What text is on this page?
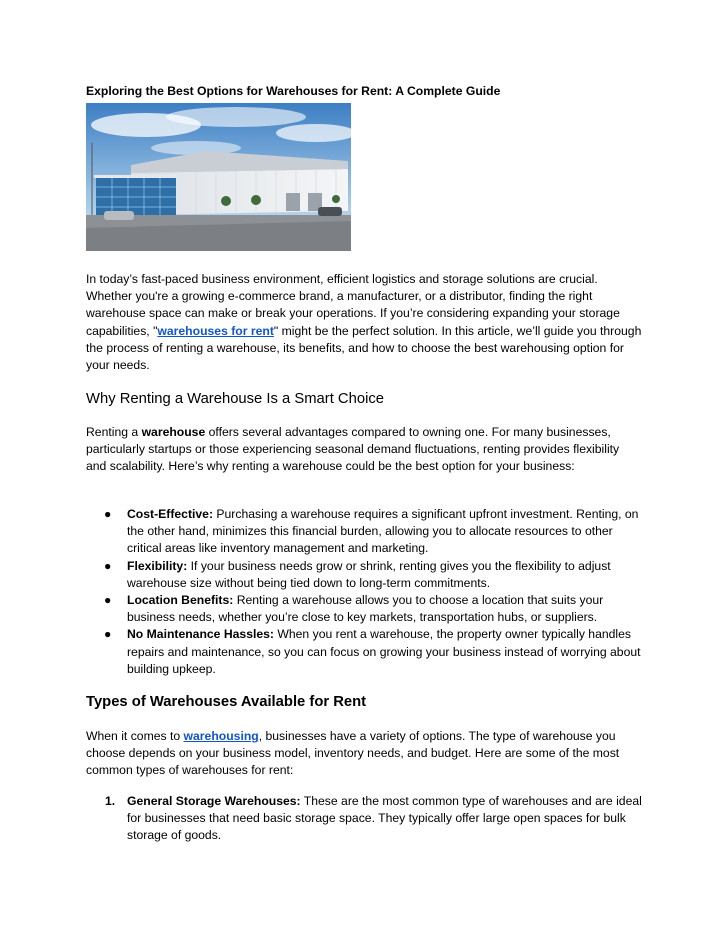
Exploring the Best Options for Warehouses for Rent: A Complete Guide

In today’s fast-paced business environment, efficient logistics and storage solutions are crucial. Whether you're a growing e-commerce brand, a manufacturer, or a distributor, finding the right warehouse space can make or break your operations. If you’re considering expanding your storage capabilities, "warehouses for rent" might be the perfect solution. In this article, we’ll guide you through the process of renting a warehouse, its benefits, and how to choose the best warehousing option for your needs.

Why Renting a Warehouse Is a Smart Choice

Renting a warehouse offers several advantages compared to owning one. For many businesses, particularly startups or those experiencing seasonal demand fluctuations, renting provides flexibility and scalability. Here’s why renting a warehouse could be the best option for your business:

● Cost-Effective: Purchasing a warehouse requires a significant upfront investment. Renting, on the other hand, minimizes this financial burden, allowing you to allocate resources to other critical areas like inventory management and marketing.
● Flexibility: If your business needs grow or shrink, renting gives you the flexibility to adjust warehouse size without being tied down to long-term commitments.
● Location Benefits: Renting a warehouse allows you to choose a location that suits your business needs, whether you’re close to key markets, transportation hubs, or suppliers.
● No Maintenance Hassles: When you rent a warehouse, the property owner typically handles repairs and maintenance, so you can focus on growing your business instead of worrying about building upkeep.
Types of Warehouses Available for Rent

When it comes to warehousing, businesses have a variety of options. The type of warehouse you choose depends on your business model, inventory needs, and budget. Here are some of the most common types of warehouses for rent:

1. General Storage Warehouses: These are the most common type of warehouses and are ideal for businesses that need basic storage space. They typically offer large open spaces for bulk storage of goods.
